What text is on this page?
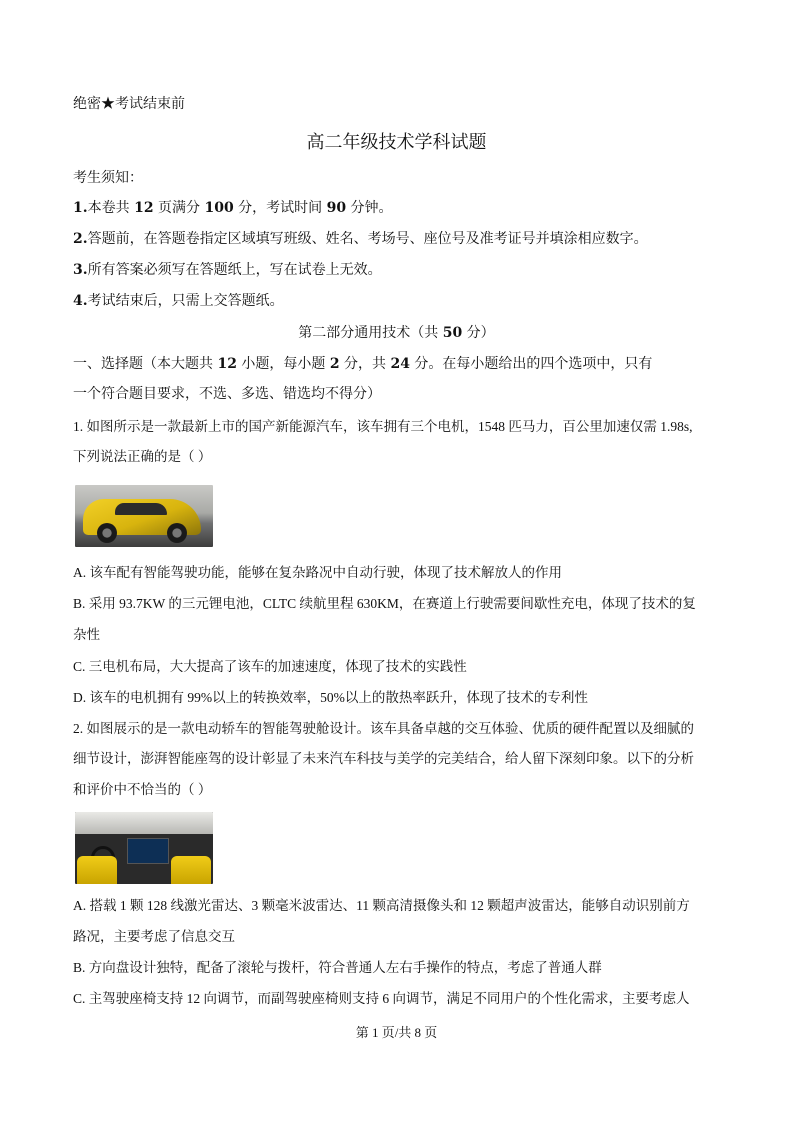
绝密★考试结束前
高二年级技术学科试题
考生须知：
1.本卷共 12 页满分 100 分，考试时间 90 分钟。
2.答题前，在答题卷指定区域填写班级、姓名、考场号、座位号及准考证号并填涂相应数字。
3.所有答案必须写在答题纸上，写在试卷上无效。
4.考试结束后，只需上交答题纸。
第二部分通用技术（共 50 分）
一、选择题（本大题共 12 小题，每小题 2 分，共 24 分。在每小题给出的四个选项中，只有
一个符合题目要求，不选、多选、错选均不得分）
1. 如图所示是一款最新上市的国产新能源汽车，该车拥有三个电机，1548 匹马力，百公里加速仅需 1.98s,
下列说法正确的是（ ）
A. 该车配有智能驾驶功能，能够在复杂路况中自动行驶，体现了技术解放人的作用
B. 采用 93.7KW 的三元锂电池，CLTC 续航里程 630KM，在赛道上行驶需要间歇性充电，体现了技术的复
杂性
C. 三电机布局，大大提高了该车的加速速度，体现了技术的实践性
D. 该车的电机拥有 99%以上的转换效率，50%以上的散热率跃升，体现了技术的专利性
2. 如图展示的是一款电动轿车的智能驾驶舱设计。该车具备卓越的交互体验、优质的硬件配置以及细腻的
细节设计，澎湃智能座驾的设计彰显了未来汽车科技与美学的完美结合，给人留下深刻印象。以下的分析
和评价中不恰当的（ ）
A. 搭载 1 颗 128 线激光雷达、3 颗毫米波雷达、11 颗高清摄像头和 12 颗超声波雷达，能够自动识别前方
路况，主要考虑了信息交互
B. 方向盘设计独特，配备了滚轮与拨杆，符合普通人左右手操作的特点，考虑了普通人群
C. 主驾驶座椅支持 12 向调节，而副驾驶座椅则支持 6 向调节，满足不同用户的个性化需求，主要考虑人
第 1 页/共 8 页
